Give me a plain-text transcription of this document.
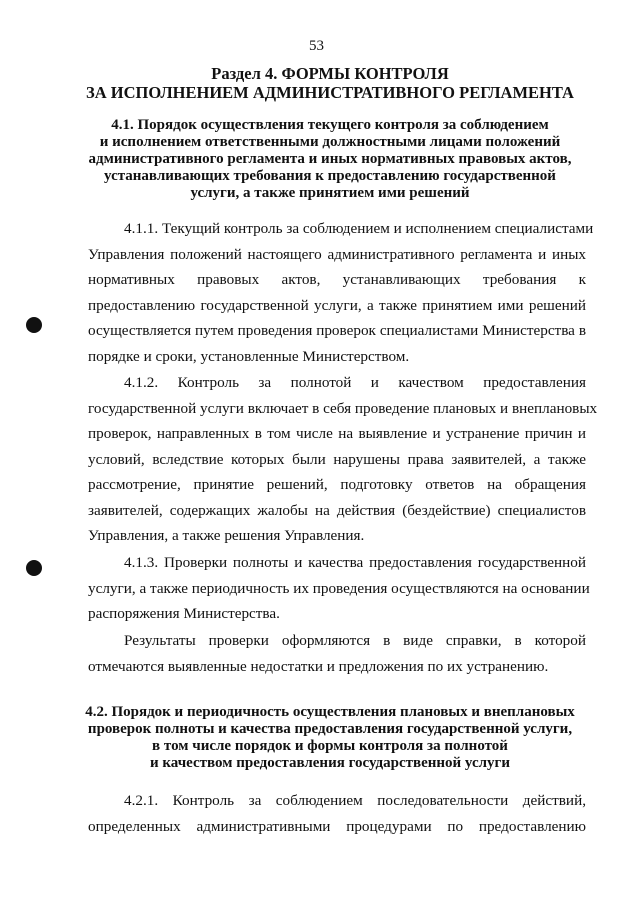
53
Раздел 4. ФОРМЫ КОНТРОЛЯ
ЗА ИСПОЛНЕНИЕМ АДМИНИСТРАТИВНОГО РЕГЛАМЕНТА
4.1. Порядок осуществления текущего контроля за соблюдением
и исполнением ответственными должностными лицами положений
административного регламента и иных нормативных правовых актов,
устанавливающих требования к предоставлению государственной
услуги, а также принятием ими решений
4.1.1. Текущий контроль за соблюдением и исполнением специалистами
Управления положений настоящего административного регламента и иных
нормативных правовых актов, устанавливающих требования к
предоставлению государственной услуги, а также принятием ими решений
осуществляется путем проведения проверок специалистами Министерства в
порядке и сроки, установленные Министерством.
4.1.2. Контроль за полнотой и качеством предоставления
государственной услуги включает в себя проведение плановых и внеплановых
проверок, направленных в том числе на выявление и устранение причин и
условий, вследствие которых были нарушены права заявителей, а также
рассмотрение, принятие решений, подготовку ответов на обращения
заявителей, содержащих жалобы на действия (бездействие) специалистов
Управления, а также решения Управления.
4.1.3. Проверки полноты и качества предоставления государственной
услуги, а также периодичность их проведения осуществляются на основании
распоряжения Министерства.
Результаты проверки оформляются в виде справки, в которой
отмечаются выявленные недостатки и предложения по их устранению.
4.2. Порядок и периодичность осуществления плановых и внеплановых
проверок полноты и качества предоставления государственной услуги,
в том числе порядок и формы контроля за полнотой
и качеством предоставления государственной услуги
4.2.1. Контроль за соблюдением последовательности действий,
определенных административными процедурами по предоставлению
